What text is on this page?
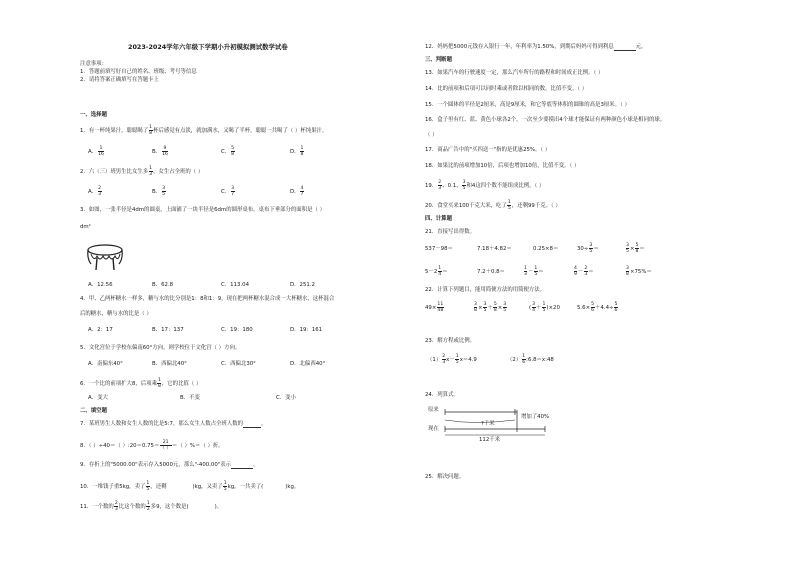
2023-2024学年六年级下学期小升初模拟测试数学试卷
注意事项：
1．答题前填写好自己的姓名、班级、考号等信息
2．请将答案正确填写在答题卡上
一、选择题
1．有一杯纯果汁，聪聪喝了 $\frac{1}{8}$ 杯后感觉有点淡，就加满水，又喝了半杯，聪聪一共喝了（ ）杯纯果汁。
A． $\frac{1}{16}$	B． $\frac{9}{16}$	C． $\frac{5}{8}$	D． $\frac{1}{8}$
2．六（三）班男生比女生多 $\frac{1}{3}$ ，女生占全班的（ ）
A． $\frac{2}{3}$	B． $\frac{3}{5}$	C． $\frac{3}{7}$	D． $\frac{4}{7}$
3．如图，一张半径是4dm的圆桌，上面铺了一块半径是6dm的圆形桌布，桌布下垂部分的面积是（ ）
dm²
A．12.56	B．62.8	C．113.04	D．251.2
4．甲、乙两杯糖水一样多，糖与水的比分别是1：8和1：9，现在把两杯糖水混合成一大杯糖水，这杯混合
后的糖水，糖与水的比是（ ）
A．2：17	B．17：137	C．19：180	D．19：161
5．文化宫位于学校东偏南60°方向，则学校位于文化宫（ ）方向。
A．南偏东40°	B．西偏北40°	C．西偏北30°	D．北偏西40°
6．一个比的前项扩大8，后项乘 $\frac{1}{8}$ ，它的比值（ ）
A．变大	B．不变	C．变小
二、填空题
7．某班男生人数和女生人数的比是5:7，那么女生人数占全班人数的	。
8．（ ）÷40＝（ ）:20＝0.75＝ $\frac{21}{( )}$ ＝（ ）%＝（ ）折。
9．存折上的"5000.00"表示存入5000元，那么"-400.00"表示	。
10．一堆钱子重5kg，卖了 $\frac{1}{5}$ ，还剩	)kg，又卖了 $\frac{1}{5}$ kg，一共卖了(	)kg。
11．一个数的 $\frac{2}{3}$ 比这个数的 $\frac{1}{2}$ 多9，这个数是(	)。
12．妈妈把5000元钱存入银行一年，年利率为1.50%，到期后妈妈可得到利息	元。
三、判断题
13．如果汽车的行驶速度一定，那么汽车所行的路程和时间成正比例。（ ）
14．比的前项和后项可以同时乘或者除以相同的数，比值不变。（ ）
15．一个圆体的半径是2厘米，高是9厘米，和它等底等体积的圆锥的高是3厘米。（ ）
16．盒子里有红、蓝、黄色小球各2个，一次至少要摸出4个球才能保证有两种颜色小球是相同的球。
（ ）
17．商品广告中的"买四送一"指的是优惠25%。（ ）
18．如果比的前项增加10倍，后项也增加10倍，比值不变。（ ）
19． $\frac{2}{3}$ 、0.1、 $\frac{3}{5}$ 和4这四个数不能组成比例。（ ）
20．食堂买来100千克大米，吃了 $\frac{1}{5}$ ，还剩99千克。（ ）
四、计算题
21．直接写出得数。
537－98＝	7.18＋4.82＝	0.25×8＝	$30\div \frac{3}{5}$ ＝	$\frac{3}{5} \times \frac{5}{8}$ ＝
$5-2 \frac{1}{4}$ ＝	7.2＋0.8＝	$\frac{1}{3} - \frac{1}{5}$ ＝	$\frac{4}{9} - \frac{2}{3}$ ＝	$\frac{3}{8} \times 75\%=$
22．计算下列题目，能用简便方法的用简便方法。
$49\times \frac{11}{48}$	$\frac{3}{8} \times \frac{3}{5} + \frac{5}{8} \times \frac{3}{5}$	( $\frac{3}{4} + \frac{1}{5} )\times 20$	$5.6\times \frac{5}{6} +4.4\div \frac{5}{6}$
23．解方程或比例。
$(1) \frac{2}{3} x- \frac{1}{5} x=4.9$	$(2) \frac{1}{6}$ :6.8＝x:48
24．列算式。
原来
现在
?千米
增加了40%
112千米
25．解决问题。
